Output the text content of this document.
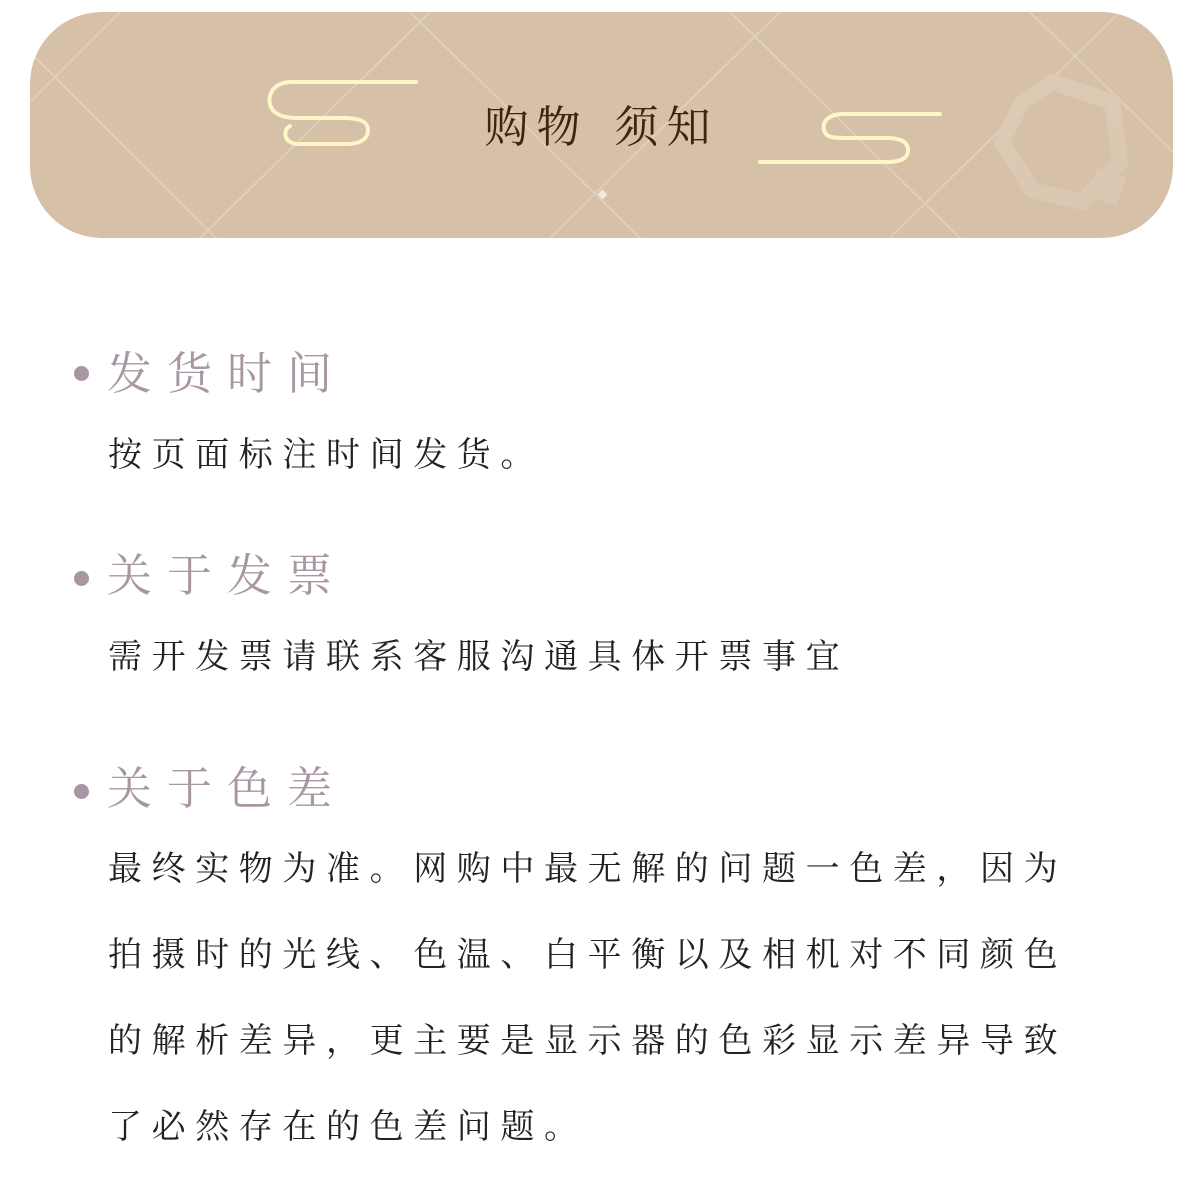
购物 须知
发货时间
按页面标注时间发货。
关于发票
需开发票请联系客服沟通具体开票事宜
关于色差
最终实物为准。网购中最无解的问题一色差，因为
拍摄时的光线、色温、白平衡以及相机对不同颜色
的解析差异，更主要是显示器的色彩显示差异导致
了必然存在的色差问题。
